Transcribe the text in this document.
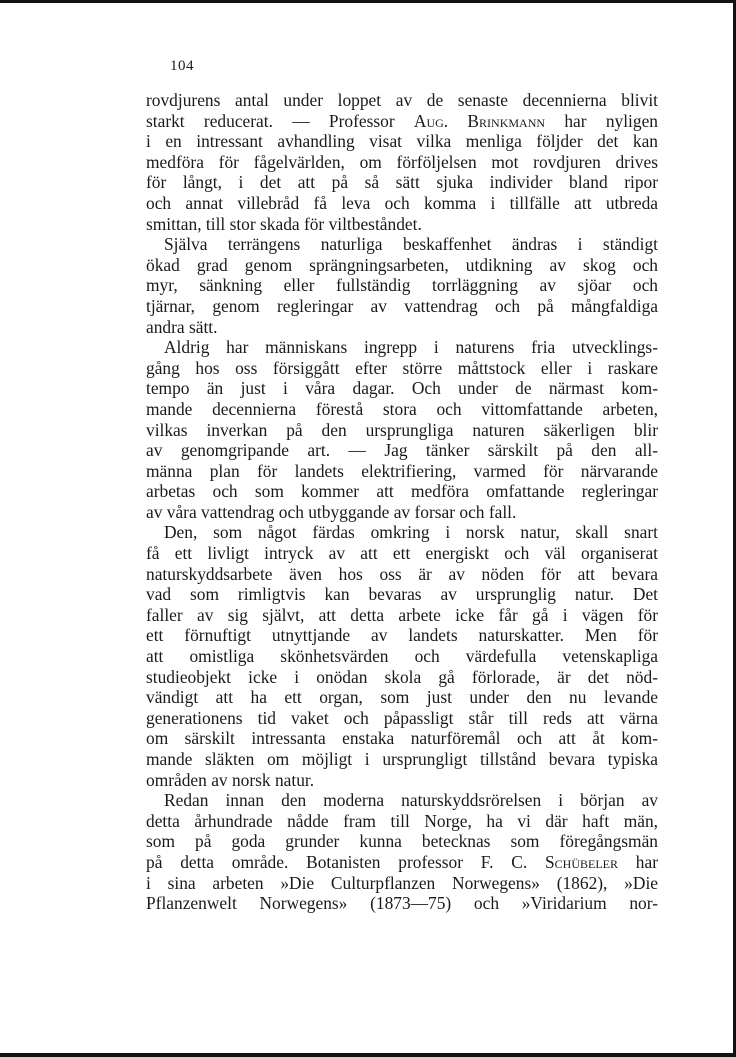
104
rovdjurens antal under loppet av de senaste decennierna blivit
starkt reducerat. — Professor Aug. Brinkmann har nyligen
i en intressant avhandling visat vilka menliga följder det kan
medföra för fågelvärlden, om förföljelsen mot rovdjuren drives
för långt, i det att på så sätt sjuka individer bland ripor
och annat villebråd få leva och komma i tillfälle att utbreda
smittan, till stor skada för viltbeståndet.
Själva terrängens naturliga beskaffenhet ändras i ständigt
ökad grad genom sprängningsarbeten, utdikning av skog och
myr, sänkning eller fullständig torrläggning av sjöar och
tjärnar, genom regleringar av vattendrag och på mångfaldiga
andra sätt.
Aldrig har människans ingrepp i naturens fria utvecklings-
gång hos oss försiggått efter större måttstock eller i raskare
tempo än just i våra dagar. Och under de närmast kom-
mande decennierna förestå stora och vittomfattande arbeten,
vilkas inverkan på den ursprungliga naturen säkerligen blir
av genomgripande art. — Jag tänker särskilt på den all-
männa plan för landets elektrifiering, varmed för närvarande
arbetas och som kommer att medföra omfattande regleringar
av våra vattendrag och utbyggande av forsar och fall.
Den, som något färdas omkring i norsk natur, skall snart
få ett livligt intryck av att ett energiskt och väl organiserat
naturskyddsarbete även hos oss är av nöden för att bevara
vad som rimligtvis kan bevaras av ursprunglig natur. Det
faller av sig självt, att detta arbete icke får gå i vägen för
ett förnuftigt utnyttjande av landets naturskatter. Men för
att omistliga skönhetsvärden och värdefulla vetenskapliga
studieobjekt icke i onödan skola gå förlorade, är det nöd-
vändigt att ha ett organ, som just under den nu levande
generationens tid vaket och påpassligt står till reds att värna
om särskilt intressanta enstaka naturföremål och att åt kom-
mande släkten om möjligt i ursprungligt tillstånd bevara typiska
områden av norsk natur.
Redan innan den moderna naturskyddsrörelsen i början av
detta århundrade nådde fram till Norge, ha vi där haft män,
som på goda grunder kunna betecknas som föregångsmän
på detta område. Botanisten professor F. C. Schübeler har
i sina arbeten »Die Culturpflanzen Norwegens» (1862), »Die
Pflanzenwelt Norwegens» (1873—75) och »Viridarium nor-
